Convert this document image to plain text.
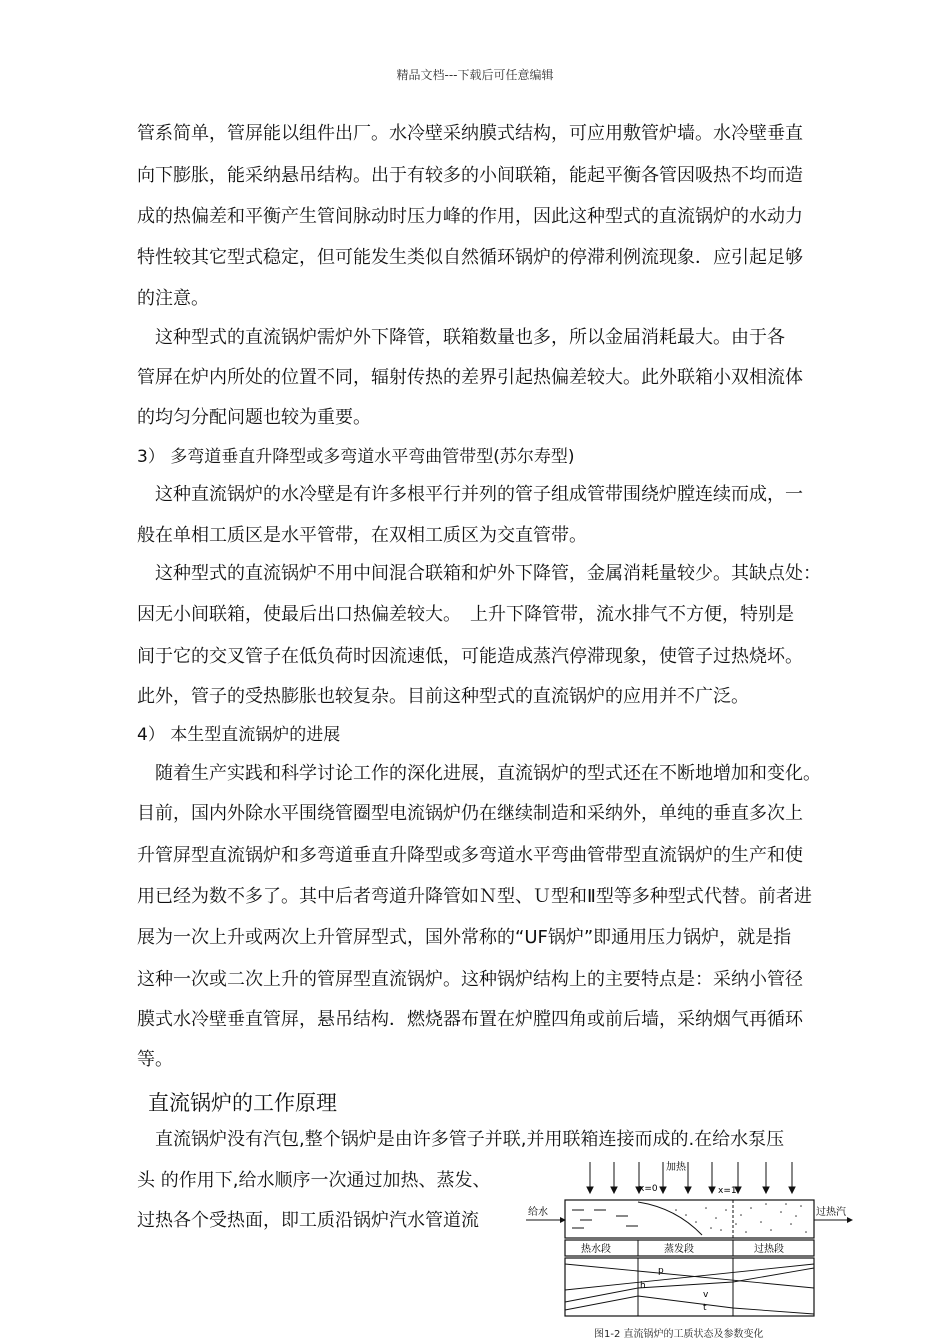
精品文档---下载后可任意编辑
管系简单，管屏能以组件出厂。水冷壁采纳膜式结构，可应用敷管炉墙。水冷壁垂直
向下膨胀，能采纳悬吊结构。出于有较多的小间联箱，能起平衡各管因吸热不均而造
成的热偏差和平衡产生管间脉动时压力峰的作用，因此这种型式的直流锅炉的水动力
特性较其它型式稳定，但可能发生类似自然循环锅炉的停滞利例流现象．应引起足够
的注意。
　这种型式的直流锅炉需炉外下降管，联箱数量也多，所以金届消耗最大。由于各
管屏在炉内所处的位置不同，辐射传热的差界引起热偏差较大。此外联箱小双相流体
的均匀分配问题也较为重要。
3） 多弯道垂直升降型或多弯道水平弯曲管带型(苏尔寿型)
　这种直流锅炉的水冷壁是有许多根平行并列的管子组成管带围绕炉膛连续而成，一
般在单相工质区是水平管带，在双相工质区为交直管带。
　这种型式的直流锅炉不用中间混合联箱和炉外下降管，金属消耗量较少。其缺点处：
因无小间联箱，使最后出口热偏差较大。　上升下降管带，流水排气不方便，特别是
间于它的交叉管子在低负荷时因流速低，可能造成蒸汽停滞现象，使管子过热烧坏。
此外，管子的受热膨胀也较复杂。目前这种型式的直流锅炉的应用并不广泛。
4） 本生型直流锅炉的进展
　随着生产实践和科学讨论工作的深化进展，直流锅炉的型式还在不断地增加和变化。
目前，国内外除水平围绕管圈型电流锅炉仍在继续制造和采纳外，单纯的垂直多次上
升管屏型直流锅炉和多弯道垂直升降型或多弯道水平弯曲管带型直流锅炉的生产和使
用已经为数不多了。其中后者弯道升降管如Ｎ型、Ｕ型和Ⅱ型等多种型式代替。前者进
展为一次上升或两次上升管屏型式，国外常称的“UF锅炉”即通用压力锅炉，就是指
这种一次或二次上升的管屏型直流锅炉。这种锅炉结构上的主要特点是：采纳小管径
膜式水冷壁垂直管屏，悬吊结构．燃烧器布置在炉膛四角或前后墙，采纳烟气再循环
等。
直流锅炉的工作原理
　直流锅炉没有汽包,整个锅炉是由许多管子并联,并用联箱连接而成的.在给水泵压
头 的作用下,给水顺序一次通过加热、蒸发、
过热各个受热面，即工质沿锅炉汽水管道流
加热
x=0	x=1
给水	过热汽
热水段	蒸发段	过热段
p
h
v
t
图1-2 直流锅炉的工质状态及参数变化
